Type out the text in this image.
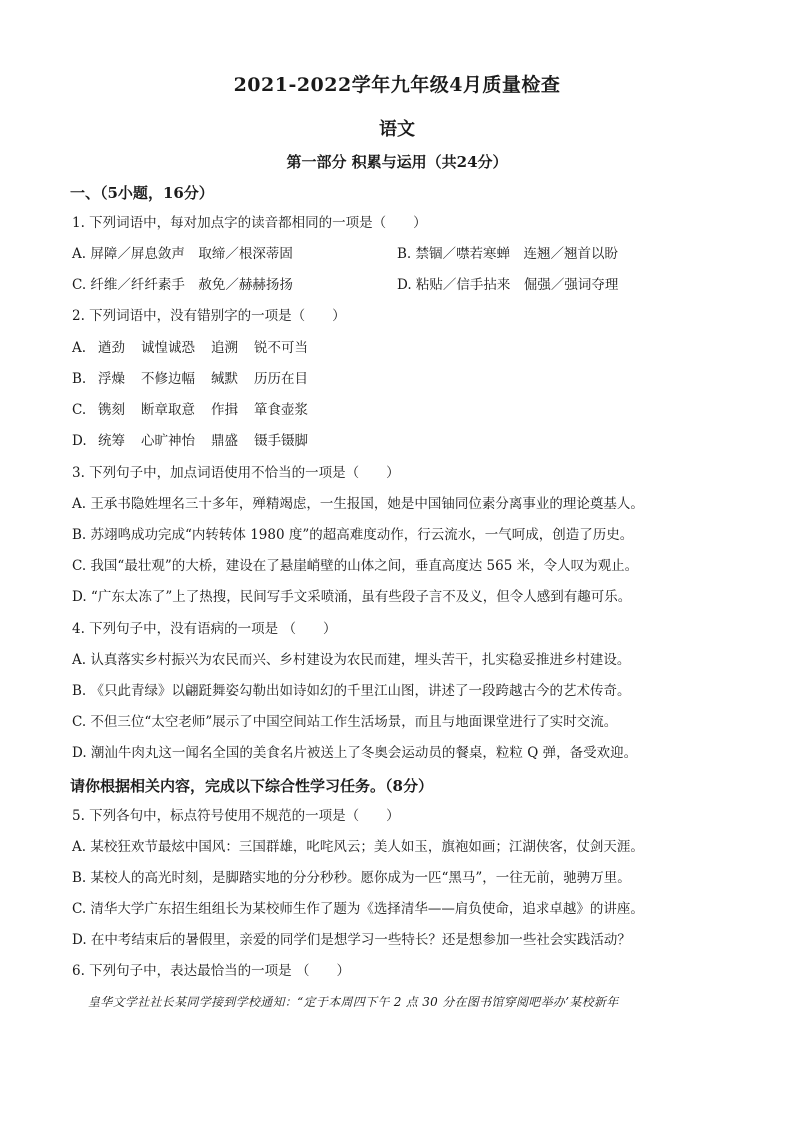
2021-2022学年九年级4月质量检查
语文
第一部分 积累与运用（共24分）
一、（5小题，16分）
1. 下列词语中，每对加点字的读音都相同的一项是（　　）
A. 屏障／屏息敛声　取缔／根深蒂固	B. 禁锢／噤若寒蝉　连翘／翘首以盼
C. 纤维／纤纤素手　赦免／赫赫扬扬	D. 粘贴／信手拈来　倔强／强词夺理
2. 下列词语中，没有错别字的一项是（　　）
A. 遒劲 诚惶诚恐 追溯 锐不可当
B. 浮燥 不修边幅 缄默 历历在目
C. 镌刻 断章取意 作揖 箪食壶浆
D. 统筹 心旷神怡 鼎盛 镊手镊脚
3. 下列句子中，加点词语使用不恰当的一项是（　　）
A. 王承书隐姓埋名三十多年，殚精竭虑，一生报国，她是中国铀同位素分离事业的理论奠基人。
B. 苏翊鸣成功完成“内转转体 1980 度”的超高难度动作，行云流水，一气呵成，创造了历史。
C. 我国“最壮观”的大桥，建设在了悬崖峭壁的山体之间，垂直高度达 565 米，令人叹为观止。
D. “广东太冻了”上了热搜，民间写手文采喷涌，虽有些段子言不及义，但令人感到有趣可乐。
4. 下列句子中，没有语病的一项是 （　　）
A. 认真落实乡村振兴为农民而兴、乡村建设为农民而建，埋头苦干，扎实稳妥推进乡村建设。
B. 《只此青绿》以翩跹舞姿勾勒出如诗如幻的千里江山图，讲述了一段跨越古今的艺术传奇。
C. 不但三位“太空老师”展示了中国空间站工作生活场景，而且与地面课堂进行了实时交流。
D. 潮汕牛肉丸这一闻名全国的美食名片被送上了冬奥会运动员的餐桌，粒粒 Q 弹，备受欢迎。
请你根据相关内容，完成以下综合性学习任务。（8分）
5. 下列各句中，标点符号使用不规范的一项是（　　）
A. 某校狂欢节最炫中国风：三国群雄，叱咤风云；美人如玉，旗袍如画；江湖侠客，仗剑天涯。
B. 某校人的高光时刻，是脚踏实地的分分秒秒。愿你成为一匹“黑马”，一往无前，驰骋万里。
C. 清华大学广东招生组组长为某校师生作了题为《选择清华——肩负使命，追求卓越》的讲座。
D. 在中考结束后的暑假里，亲爱的同学们是想学习一些特长？还是想参加一些社会实践活动？
6. 下列句子中，表达最恰当的一项是 （　　）
皇华文学社社长某同学接到学校通知：“定于本周四下午 2 点 30 分在图书馆穿阅吧举办’某校新年
